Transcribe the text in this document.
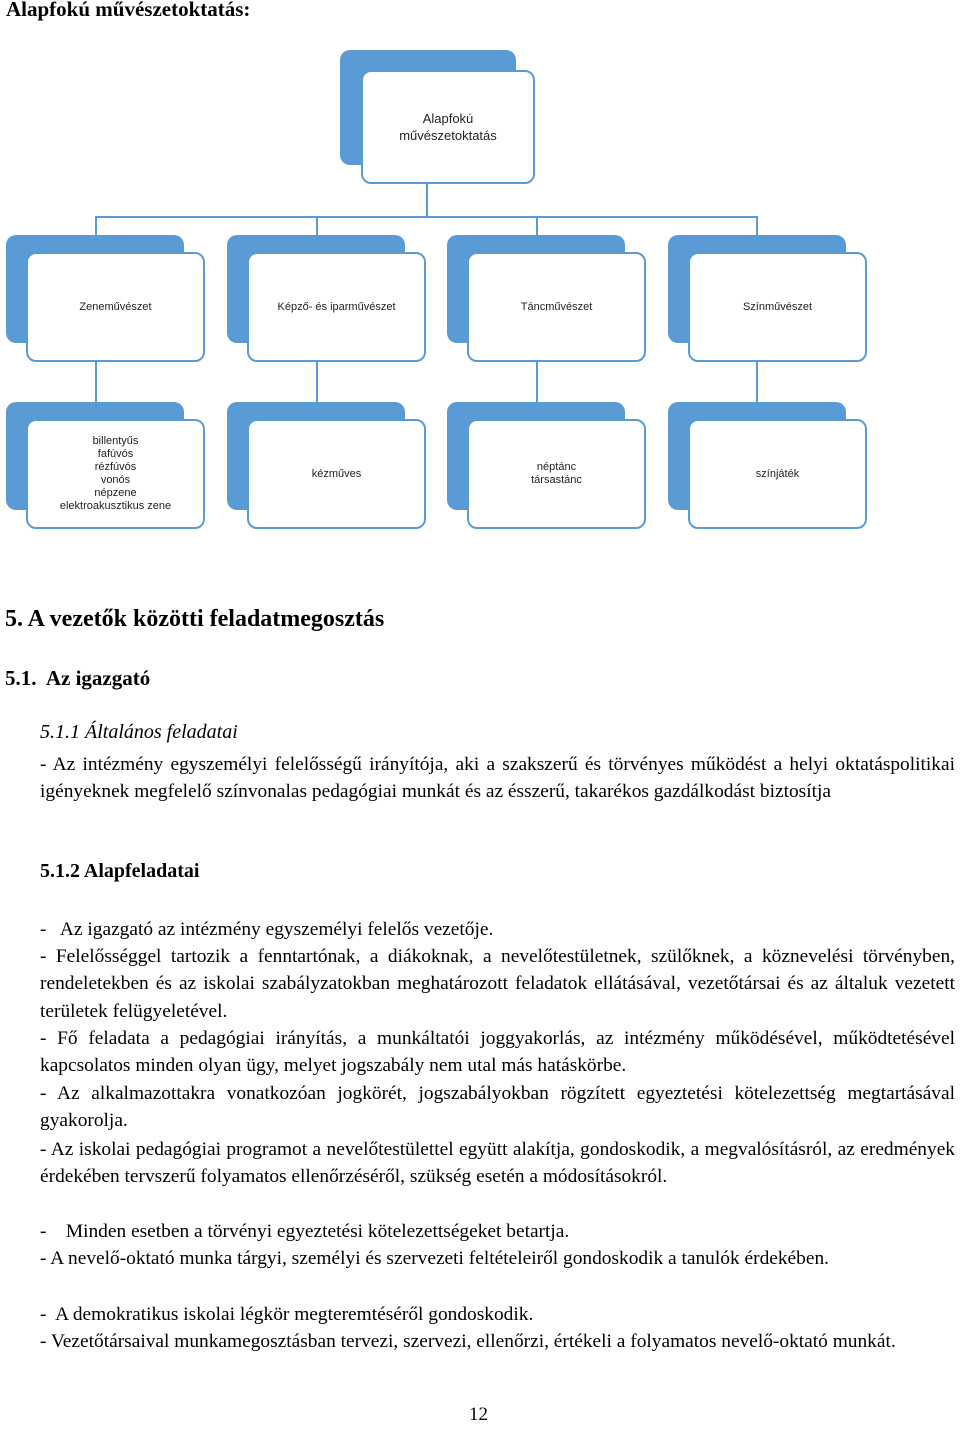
Alapfokú művészetoktatás:
Alapfokú
művészetoktatás
Zeneművészet	Képző- és iparművészet	Táncművészet	Színművészet
billentyűs
fafúvós
rézfúvós
vonós
népzene
elektroakusztikus zene
kézműves
néptánc
társastánc
színjáték
5. A vezetők közötti feladatmegosztás
5.1.  Az igazgató
5.1.1 Általános feladatai
- Az intézmény egyszemélyi felelősségű irányítója, aki a szakszerű és törvényes működést a helyi oktatáspolitikai igényeknek megfelelő színvonalas pedagógiai munkát és az ésszerű, takarékos gazdálkodást biztosítja
5.1.2 Alapfeladatai
-   Az igazgató az intézmény egyszemélyi felelős vezetője.
- Felelősséggel tartozik a fenntartónak, a diákoknak, a nevelőtestületnek, szülőknek, a köznevelési törvényben, rendeletekben és az iskolai szabályzatokban meghatározott feladatok ellátásával, vezetőtársai és az általuk vezetett területek felügyeletével.
- Fő feladata a pedagógiai irányítás, a munkáltatói joggyakorlás, az intézmény működésével, működtetésével kapcsolatos minden olyan ügy, melyet jogszabály nem utal más hatáskörbe.
- Az alkalmazottakra vonatkozóan jogkörét, jogszabályokban rögzített egyeztetési kötelezettség megtartásával gyakorolja.
- Az iskolai pedagógiai programot a nevelőtestülettel együtt alakítja, gondoskodik, a megvalósításról, az eredmények érdekében tervszerű folyamatos ellenőrzéséről, szükség esetén a módosításokról.
-    Minden esetben a törvényi egyeztetési kötelezettségeket betartja.
- A nevelő-oktató munka tárgyi, személyi és szervezeti feltételeiről gondoskodik a tanulók érdekében.
-  A demokratikus iskolai légkör megteremtéséről gondoskodik.
- Vezetőtársaival munkamegosztásban tervezi, szervezi, ellenőrzi, értékeli a folyamatos nevelő-oktató munkát.
12
